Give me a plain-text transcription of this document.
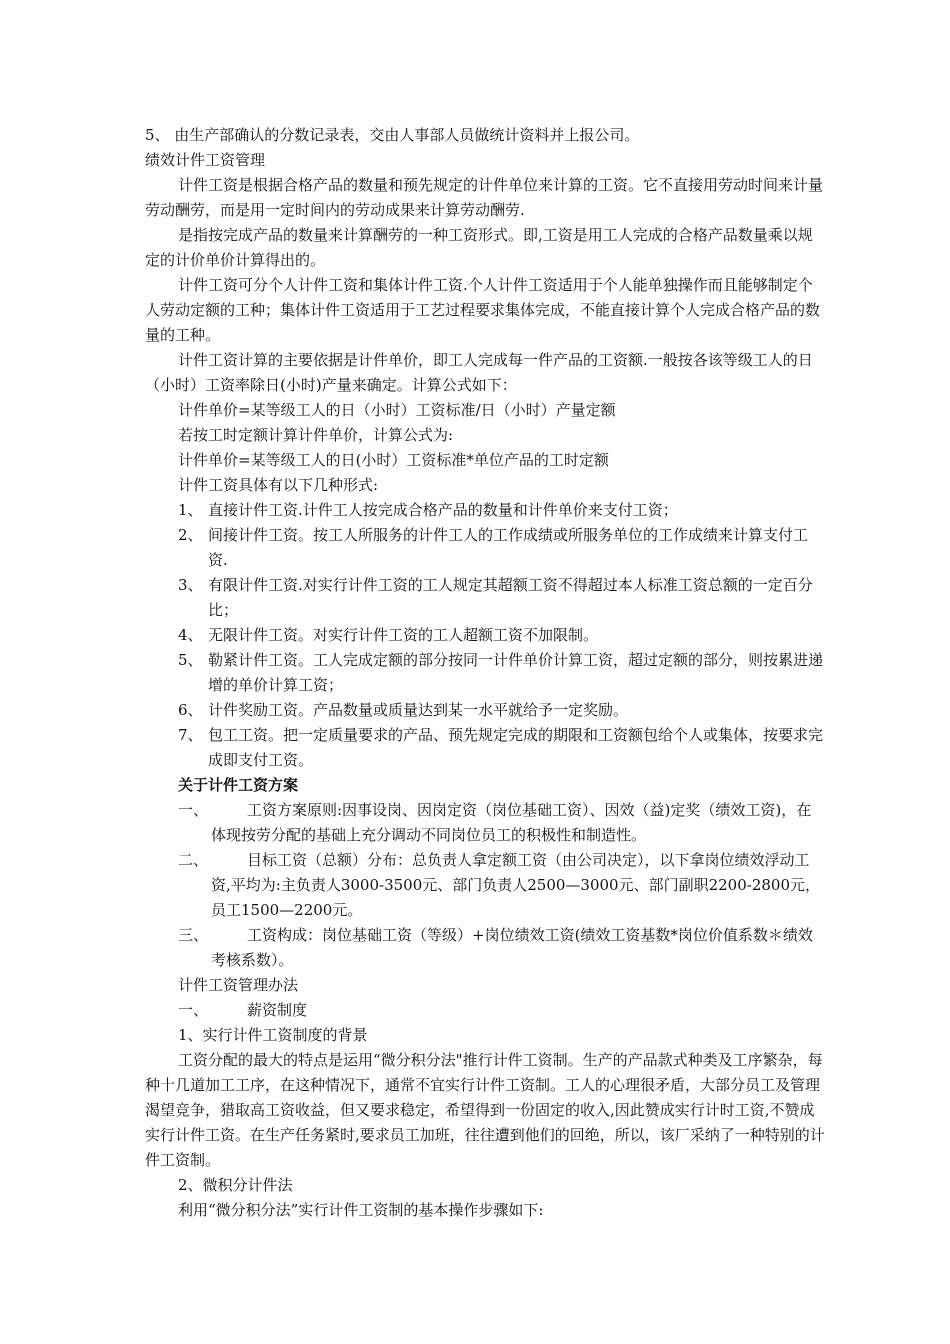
5、 由生产部确认的分数记录表，交由人事部人员做统计资料并上报公司。

绩效计件工资管理

计件工资是根据合格产品的数量和预先规定的计件单位来计算的工资。它不直接用劳动时间来计量劳动酬劳，而是用一定时间内的劳动成果来计算劳动酬劳.

是指按完成产品的数量来计算酬劳的一种工资形式。即,工资是用工人完成的合格产品数量乘以规定的计价单价计算得出的。

计件工资可分个人计件工资和集体计件工资.个人计件工资适用于个人能单独操作而且能够制定个人劳动定额的工种；集体计件工资适用于工艺过程要求集体完成，不能直接计算个人完成合格产品的数量的工种。

计件工资计算的主要依据是计件单价，即工人完成每一件产品的工资额.一般按各该等级工人的日（小时）工资率除日(小时)产量来确定。计算公式如下：

计件单价=某等级工人的日（小时）工资标准/日（小时）产量定额

若按工时定额计算计件单价，计算公式为:

计件单价=某等级工人的日(小时）工资标准*单位产品的工时定额

计件工资具体有以下几种形式:

1、 直接计件工资.计件工人按完成合格产品的数量和计件单价来支付工资；

2、 间接计件工资。按工人所服务的计件工人的工作成绩或所服务单位的工作成绩来计算支付工资.

3、 有限计件工资.对实行计件工资的工人规定其超额工资不得超过本人标准工资总额的一定百分比；

4、 无限计件工资。对实行计件工资的工人超额工资不加限制。

5、 勒紧计件工资。工人完成定额的部分按同一计件单价计算工资，超过定额的部分，则按累进递增的单价计算工资；

6、 计件奖励工资。产品数量或质量达到某一水平就给予一定奖励。

7、 包工工资。把一定质量要求的产品、预先规定完成的期限和工资额包给个人或集体，按要求完成即支付工资。

关于计件工资方案

一、	工资方案原则:因事设岗、因岗定资（岗位基础工资）、因效（益)定奖（绩效工资)，在体现按劳分配的基础上充分调动不同岗位员工的积极性和制造性。

二、	目标工资（总额）分布：总负责人拿定额工资（由公司决定），以下拿岗位绩效浮动工资,平均为:主负责人3000-3500元、部门负责人2500—3000元、部门副职2200-2800元，员工1500—2200元。

三、	工资构成：岗位基础工资（等级）+岗位绩效工资(绩效工资基数*岗位价值系数＊绩效考核系数）。

计件工资管理办法

一、	薪资制度

1、实行计件工资制度的背景

工资分配的最大的特点是运用“微分积分法"推行计件工资制。生产的产品款式种类及工序繁杂，每种十几道加工工序，在这种情况下，通常不宜实行计件工资制。工人的心理很矛盾，大部分员工及管理渴望竞争，猎取高工资收益，但又要求稳定，希望得到一份固定的收入,因此赞成实行计时工资,不赞成实行计件工资。在生产任务紧时,要求员工加班，往往遭到他们的回绝，所以，该厂采纳了一种特别的计件工资制。

2、微积分计件法

利用“微分积分法”实行计件工资制的基本操作步骤如下:
